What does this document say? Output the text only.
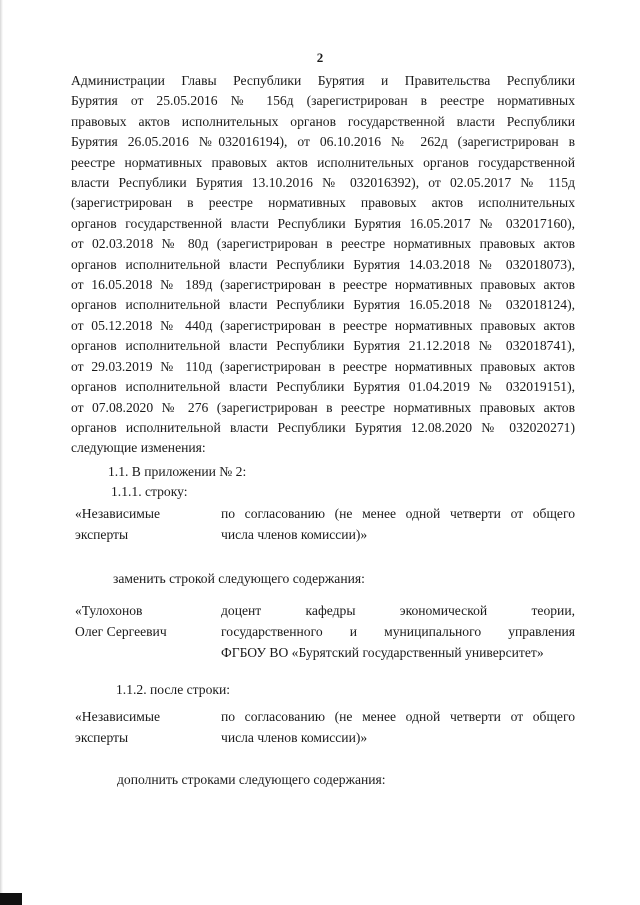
2
Администрации Главы Республики Бурятия и Правительства Республики
Бурятия от 25.05.2016 № 156д (зарегистрирован в реестре нормативных
правовых актов исполнительных органов государственной власти Республики
Бурятия 26.05.2016 №032016194), от 06.10.2016 № 262д (зарегистрирован в
реестре нормативных правовых актов исполнительных органов государственной
власти Республики Бурятия 13.10.2016 № 032016392), от 02.05.2017 № 115д
(зарегистрирован в реестре нормативных правовых актов исполнительных
органов государственной власти Республики Бурятия 16.05.2017 № 032017160),
от 02.03.2018 № 80д (зарегистрирован в реестре нормативных правовых актов
органов исполнительной власти Республики Бурятия 14.03.2018 № 032018073),
от 16.05.2018 № 189д (зарегистрирован в реестре нормативных правовых актов
органов исполнительной власти Республики Бурятия 16.05.2018 № 032018124),
от 05.12.2018 № 440д (зарегистрирован в реестре нормативных правовых актов
органов исполнительной власти Республики Бурятия 21.12.2018 № 032018741),
от 29.03.2019 № 110д (зарегистрирован в реестре нормативных правовых актов
органов исполнительной власти Республики Бурятия 01.04.2019 № 032019151),
от 07.08.2020 № 276 (зарегистрирован в реестре нормативных правовых актов
органов исполнительной власти Республики Бурятия 12.08.2020 № 032020271)
следующие изменения:
1.1. В приложении № 2:
1.1.1. строку:
«Независимые
эксперты
по согласованию (не менее одной четверти от общего
числа членов комиссии)»
заменить строкой следующего содержания:
«Тулохонов
Олег Сергеевич
доцент кафедры экономической теории,
государственного и муниципального управления
ФГБОУ ВО «Бурятский государственный университет»
1.1.2. после строки:
«Независимые
эксперты
по согласованию (не менее одной четверти от общего
числа членов комиссии)»
дополнить строками следующего содержания:
